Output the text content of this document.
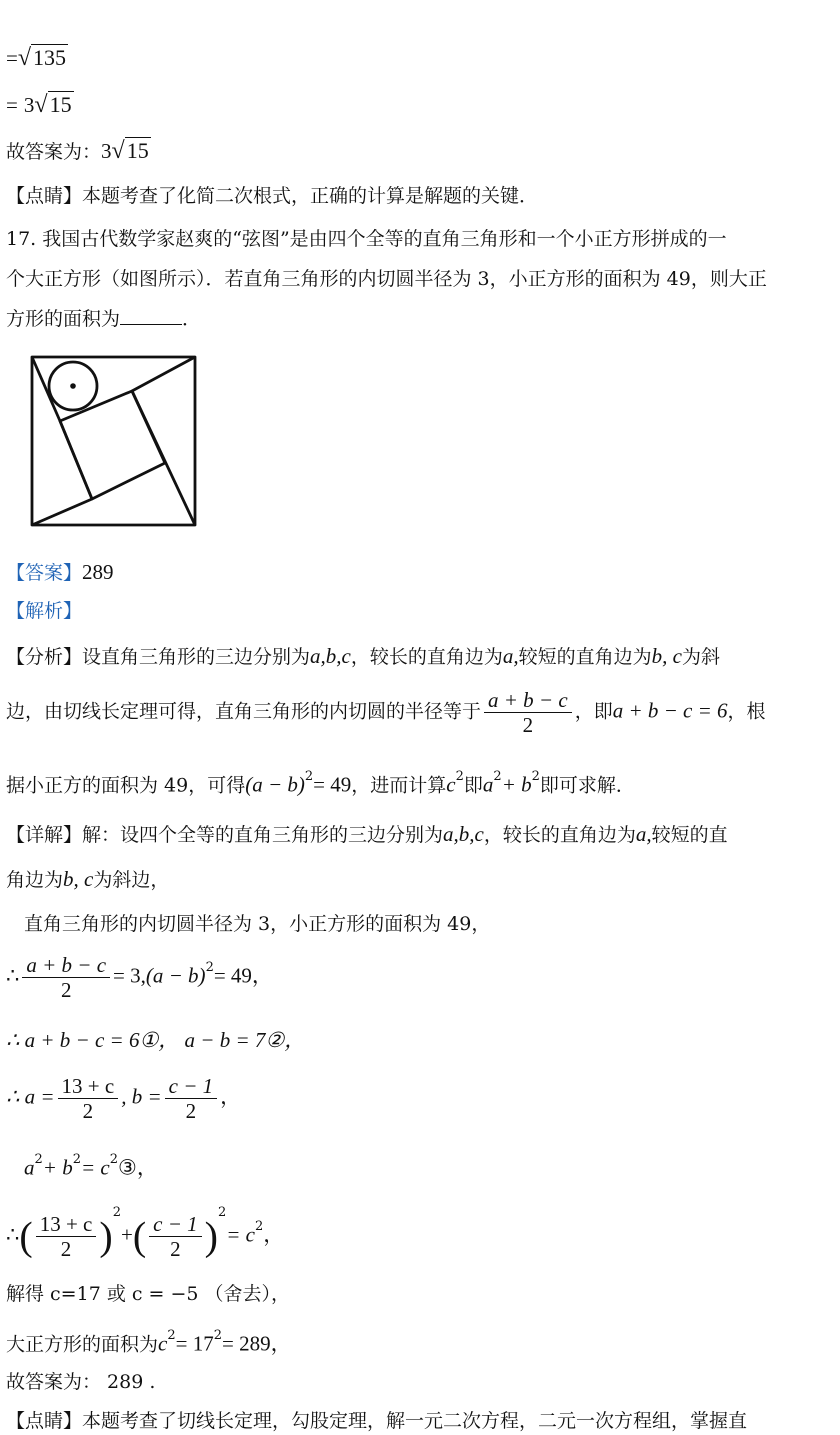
=√135
= 3√15
故答案为：3√15
【点睛】本题考查了化简二次根式，正确的计算是解题的关键．
17. 我国古代数学家赵爽的“弦图”是由四个全等的直角三角形和一个小正方形拼成的一
个大正方形（如图所示）．若直角三角形的内切圆半径为 3，小正方形的面积为 49，则大正
方形的面积为	．
【答案】289
【解析】
【分析】设直角三角形的三边分别为a,b,c，较长的直角边为a,较短的直角边为b, c为斜
边，由切线长定理可得，直角三角形的内切圆的半径等于 $\frac{a + b - c}{2}$ ，即a + b − c = 6，根
据小正方的面积为 49，可得$(a - b)^2= 49$，进而计算$c^2$即$a^2+ b^2$即可求解．
【详解】解：设四个全等的直角三角形的三边分别为a,b,c，较长的直角边为a,较短的直
角边为b, c为斜边，
直角三角形的内切圆半径为 3，小正方形的面积为 49，
∴ $\frac{a + b - c}{2} = 3,(a - b)^2= 49$，
∴ a + b − c = 6①， a − b = 7②，
∴ $a = \frac{13 + c}{2}$ , $b = \frac{c - 1}{2}$ ，
$a^2+ b^2=$ $c^2③$，
∴( $\frac{13 + c}{2} )^2+( \frac{c - 1}{2} )^2= c^2$，
解得 c=17 或 c = −5 （舍去），
大正方形的面积为$c^2= 17^2= 289$，
故答案为： 289 .
【点睛】本题考查了切线长定理，勾股定理，解一元二次方程，二元一次方程组，掌握直
